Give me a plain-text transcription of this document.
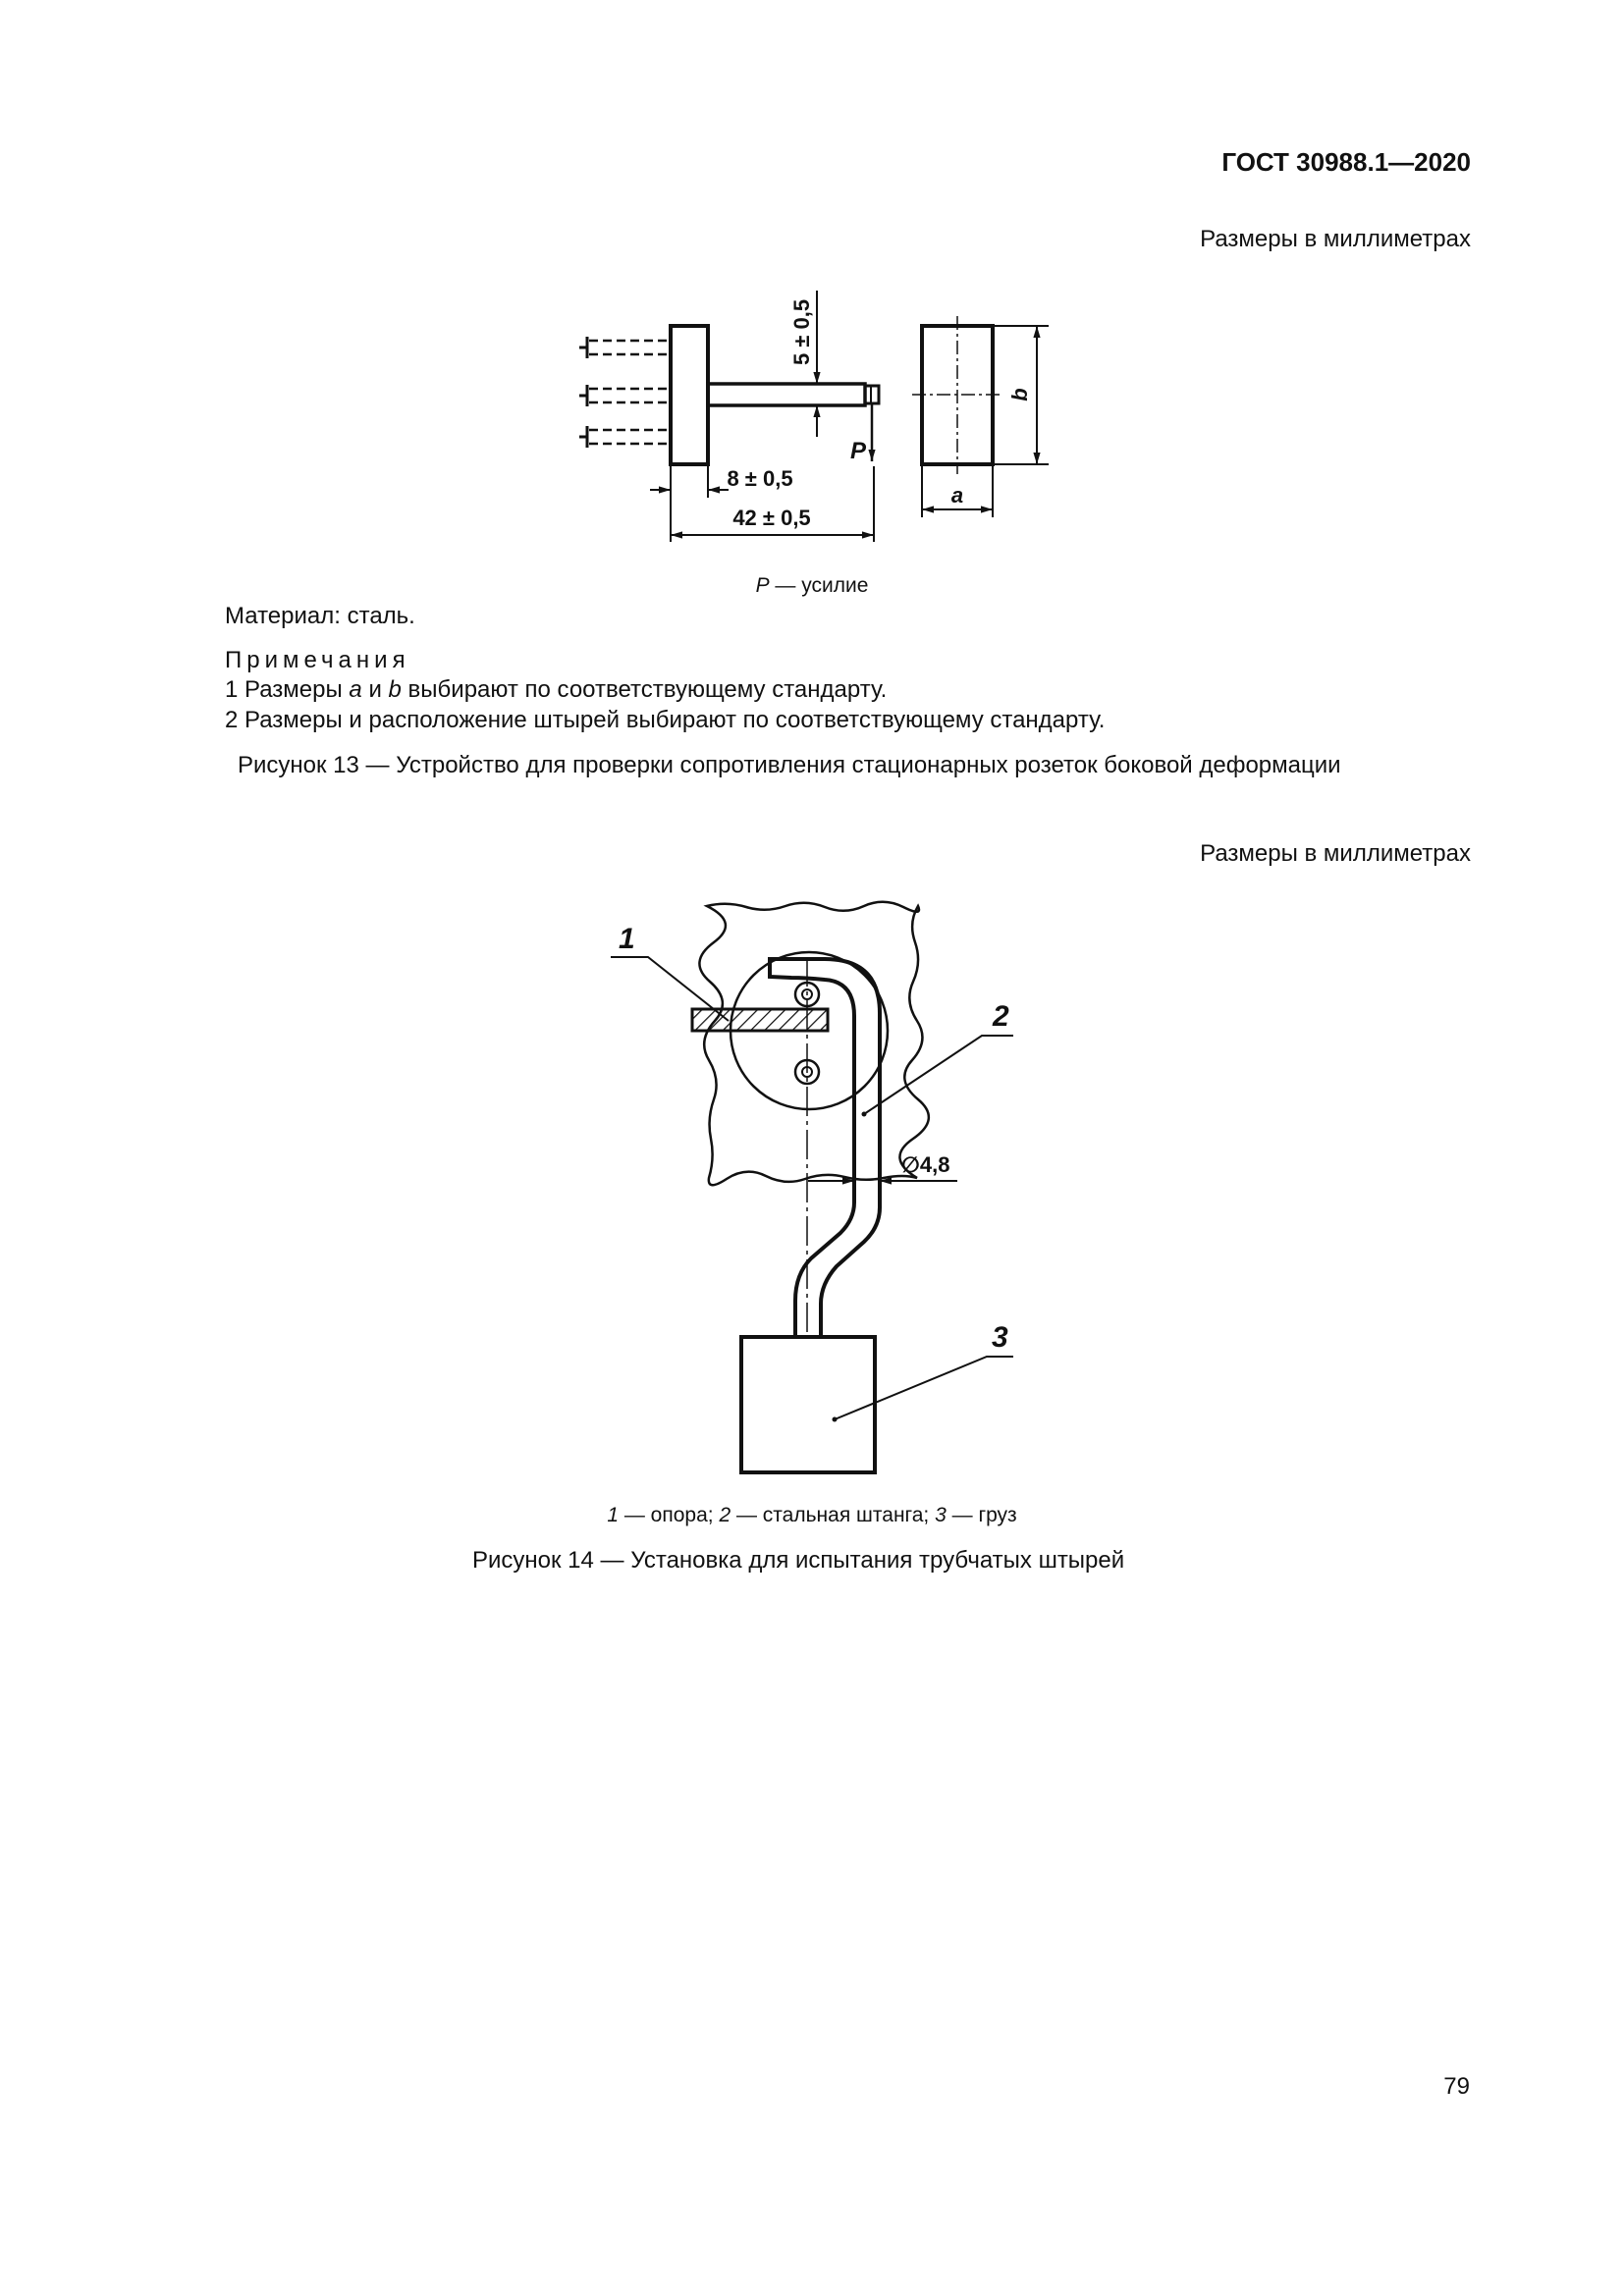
ГОСТ 30988.1—2020
Размеры в миллиметрах
5 ± 0,5
8 ± 0,5
42 ± 0,5
P
a
b
P — усилие
Материал: сталь.
Примечания
1 Размеры a и b выбирают по соответствующему стандарту.
2 Размеры и расположение штырей выбирают по соответствующему стандарту.
Рисунок 13 — Устройство для проверки сопротивления стационарных розеток боковой деформации
Размеры в миллиметрах
1
2
3
∅4,8
1 — опора; 2 — стальная штанга; 3 — груз
Рисунок 14 — Установка для испытания трубчатых штырей
79
